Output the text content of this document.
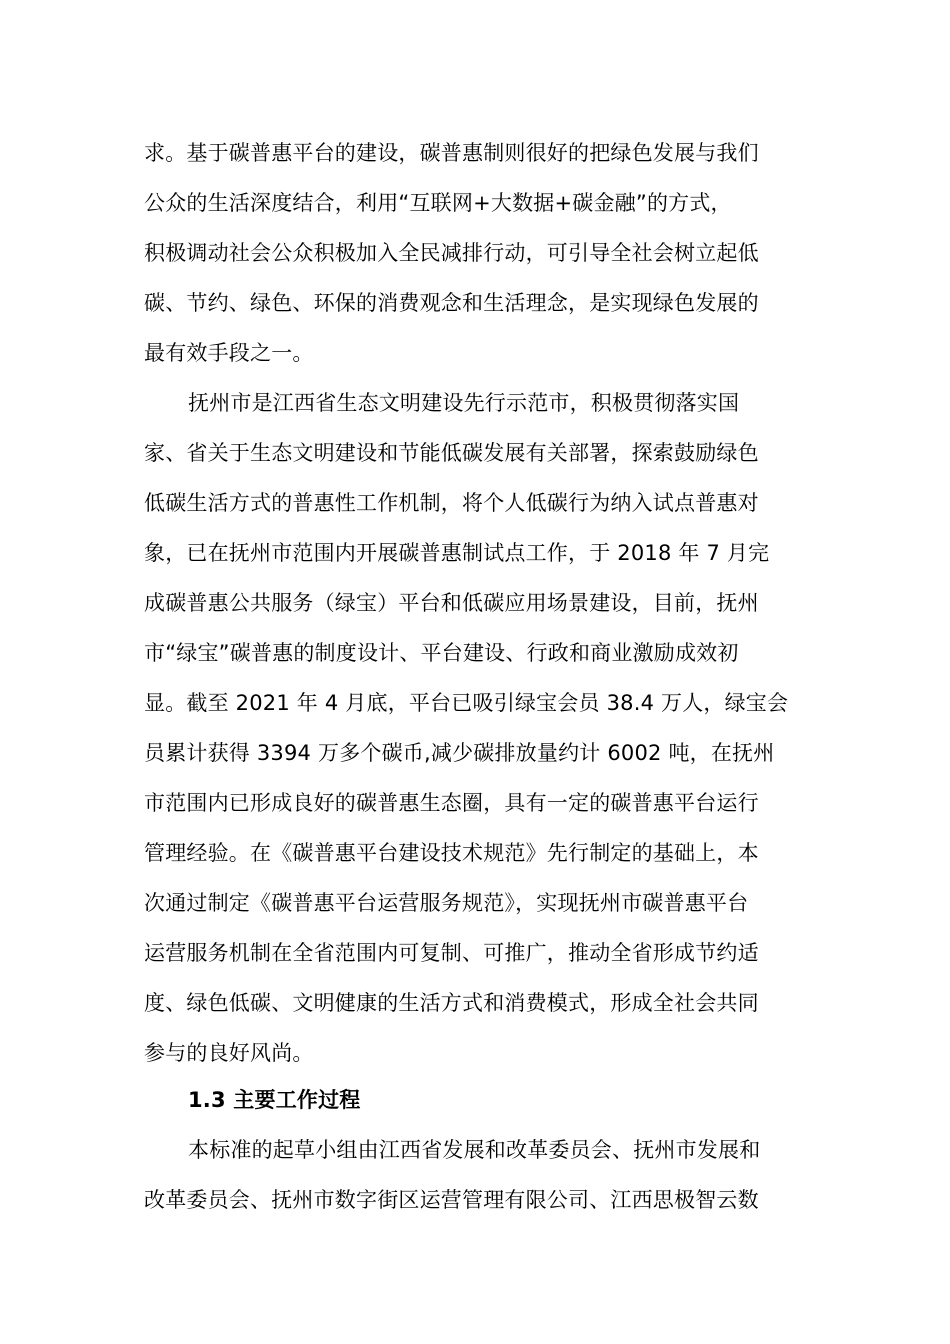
求。基于碳普惠平台的建设，碳普惠制则很好的把绿色发展与我们
公众的生活深度结合，利用“互联网+大数据+碳金融”的方式，
积极调动社会公众积极加入全民减排行动，可引导全社会树立起低
碳、节约、绿色、环保的消费观念和生活理念，是实现绿色发展的
最有效手段之一。
抚州市是江西省生态文明建设先行示范市，积极贯彻落实国
家、省关于生态文明建设和节能低碳发展有关部署，探索鼓励绿色
低碳生活方式的普惠性工作机制，将个人低碳行为纳入试点普惠对
象，已在抚州市范围内开展碳普惠制试点工作，于 2018 年 7 月完
成碳普惠公共服务（绿宝）平台和低碳应用场景建设，目前，抚州
市“绿宝”碳普惠的制度设计、平台建设、行政和商业激励成效初
显。截至 2021 年 4 月底，平台已吸引绿宝会员 38.4 万人，绿宝会
员累计获得 3394 万多个碳币,减少碳排放量约计 6002 吨，在抚州
市范围内已形成良好的碳普惠生态圈，具有一定的碳普惠平台运行
管理经验。在《碳普惠平台建设技术规范》先行制定的基础上，本
次通过制定《碳普惠平台运营服务规范》，实现抚州市碳普惠平台
运营服务机制在全省范围内可复制、可推广，推动全省形成节约适
度、绿色低碳、文明健康的生活方式和消费模式，形成全社会共同
参与的良好风尚。
1.3 主要工作过程
本标准的起草小组由江西省发展和改革委员会、抚州市发展和
改革委员会、抚州市数字街区运营管理有限公司、江西思极智云数
